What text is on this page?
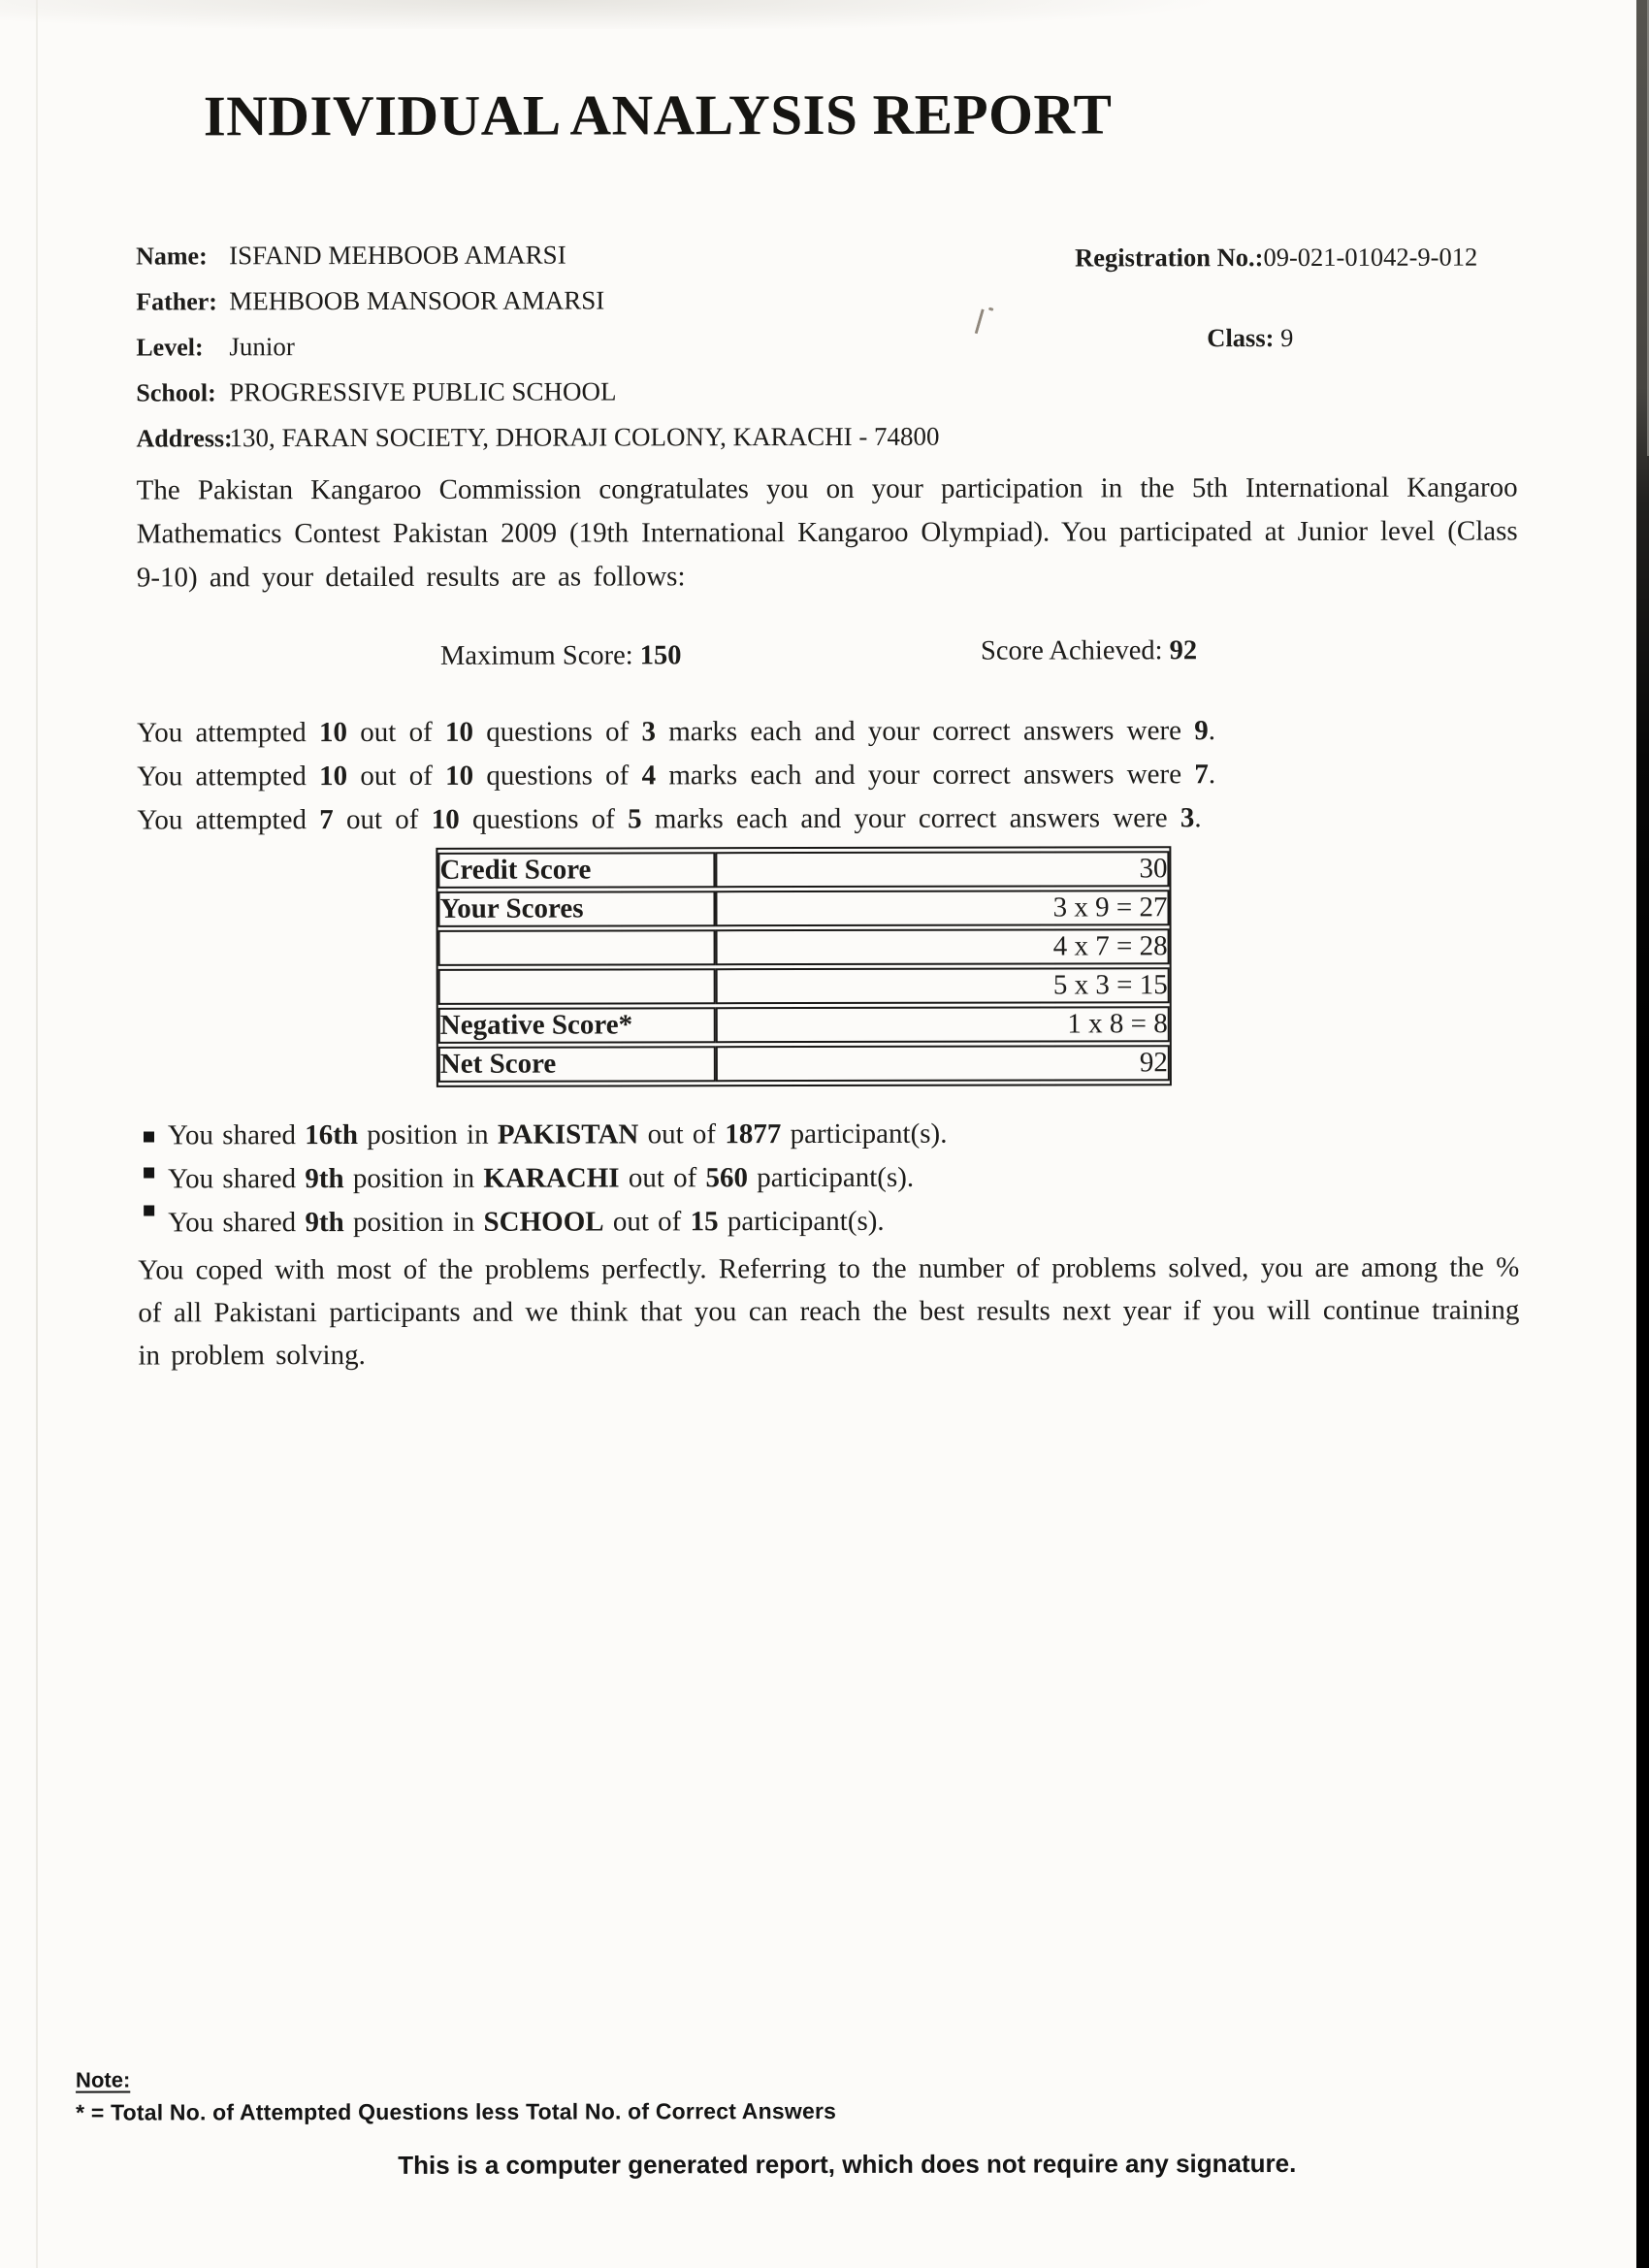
INDIVIDUAL ANALYSIS REPORT
Name: ISFAND MEHBOOB AMARSI
Father: MEHBOOB MANSOOR AMARSI
Level: Junior
School: PROGRESSIVE PUBLIC SCHOOL
Address:
130, FARAN SOCIETY, DHORAJI COLONY, KARACHI - 74800
Registration No.:09-021-01042-9-012
Class: 9

The Pakistan Kangaroo Commission congratulates you on your participation in the 5th International Kangaroo Mathematics Contest Pakistan 2009 (19th International Kangaroo Olympiad). You participated at Junior level (Class 9-10) and your detailed results are as follows:

Maximum Score: 150	Score Achieved: 92
You attempted 10 out of 10 questions of 3 marks each and your correct answers were 9.
You attempted 10 out of 10 questions of 4 marks each and your correct answers were 7.
You attempted 7 out of 10 questions of 5 marks each and your correct answers were 3.
Credit Score	30
Your Scores	3 x 9 = 27
	4 x 7 = 28
	5 x 3 = 15
Negative Score*	1 x 8 = 8
Net Score	92
You shared 16th position in PAKISTAN out of 1877 participant(s).
You shared 9th position in KARACHI out of 560 participant(s).
You shared 9th position in SCHOOL out of 15 participant(s).

You coped with most of the problems perfectly. Referring to the number of problems solved, you are among the % of all Pakistani participants and we think that you can reach the best results next year if you will continue training in problem solving.

Note:
* = Total No. of Attempted Questions less Total No. of Correct Answers
This is a computer generated report, which does not require any signature.
